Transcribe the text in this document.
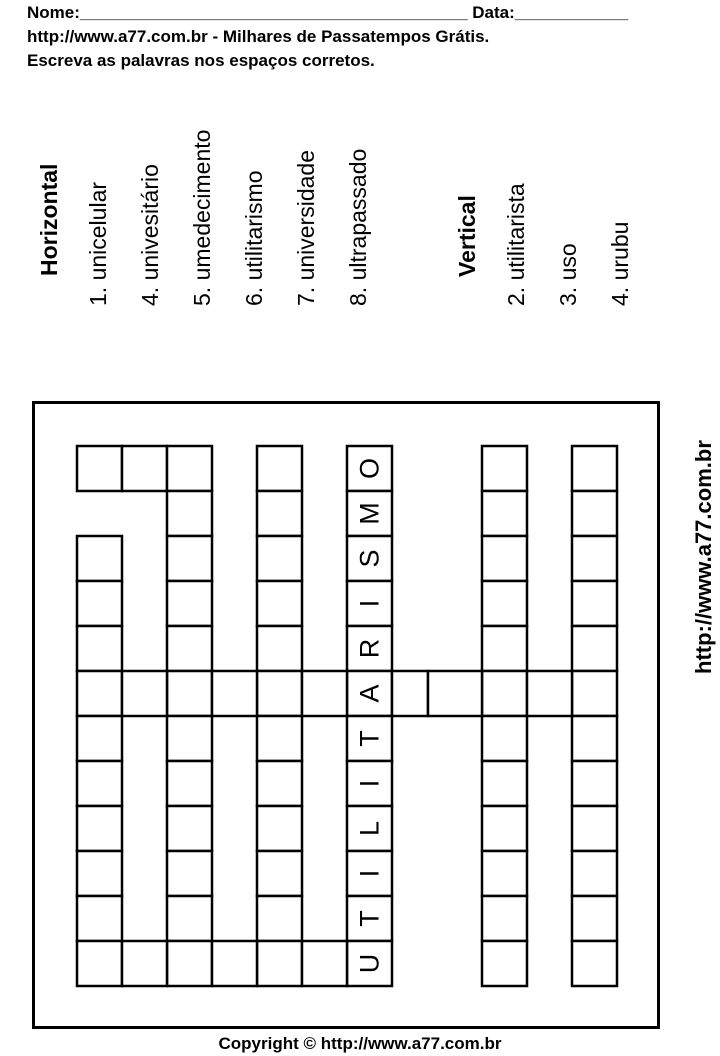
Nome:_________________________________________ Data:____________
http://www.a77.com.br - Milhares de Passatempos Grátis.
Escreva as palavras nos espaços corretos.
Horizontal 1. unicelular 4. univesitário 5. umedecimento 6. utilitarismo 7. universidade 8. ultrapassado	Vertical 2. utilitarista 3. uso 4. urubu
U
T
I
L
I
T
A
R
I
S
M
O	http://www.a77.com.br
Copyright © http://www.a77.com.br
